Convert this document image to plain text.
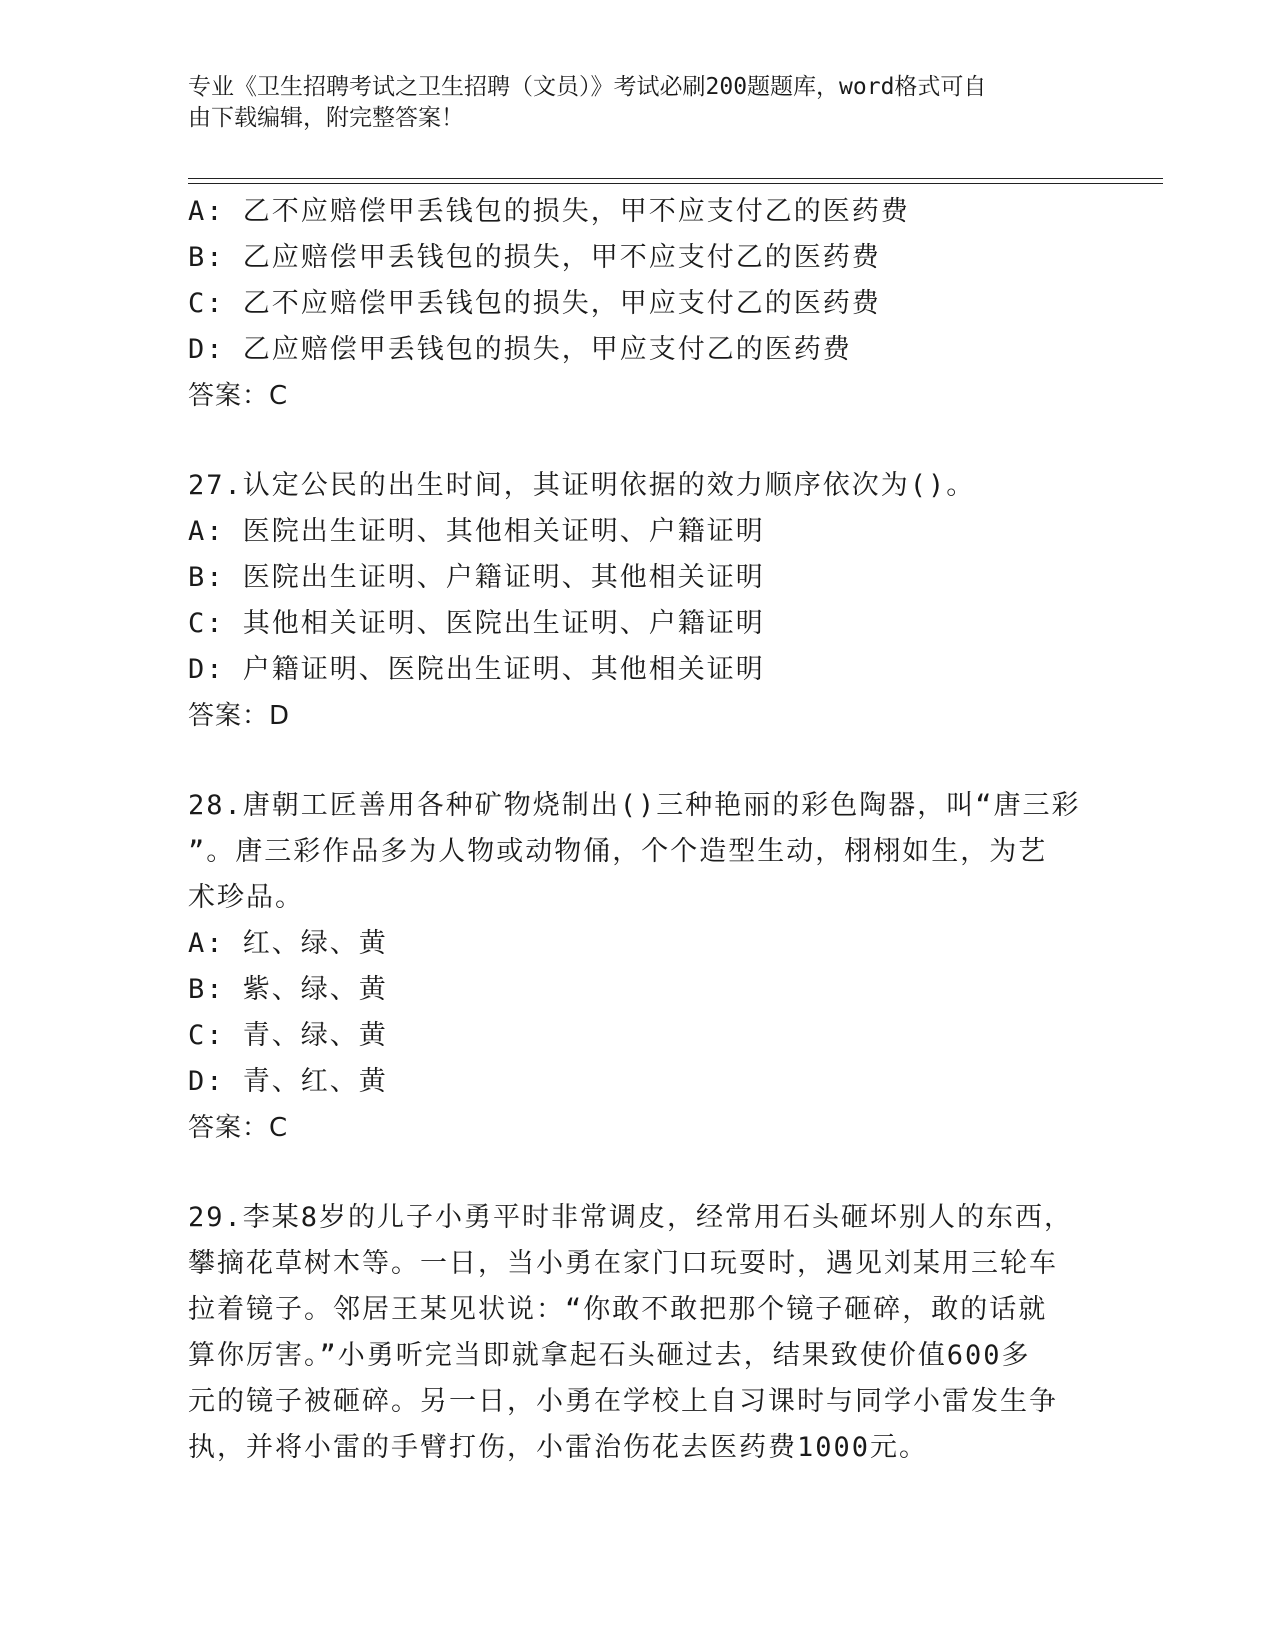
专业《卫生招聘考试之卫生招聘（文员）》考试必刷200题题库，word格式可自
由下载编辑，附完整答案！
A: 乙不应赔偿甲丢钱包的损失，甲不应支付乙的医药费
B: 乙应赔偿甲丢钱包的损失，甲不应支付乙的医药费
C: 乙不应赔偿甲丢钱包的损失，甲应支付乙的医药费
D: 乙应赔偿甲丢钱包的损失，甲应支付乙的医药费
答案：C
27.认定公民的出生时间，其证明依据的效力顺序依次为()。
A: 医院出生证明、其他相关证明、户籍证明
B: 医院出生证明、户籍证明、其他相关证明
C: 其他相关证明、医院出生证明、户籍证明
D: 户籍证明、医院出生证明、其他相关证明
答案：D
28.唐朝工匠善用各种矿物烧制出()三种艳丽的彩色陶器，叫“唐三彩
”。唐三彩作品多为人物或动物俑，个个造型生动，栩栩如生，为艺
术珍品。
A: 红、绿、黄
B: 紫、绿、黄
C: 青、绿、黄
D: 青、红、黄
答案：C
29.李某8岁的儿子小勇平时非常调皮，经常用石头砸坏别人的东西，
攀摘花草树木等。一日，当小勇在家门口玩耍时，遇见刘某用三轮车
拉着镜子。邻居王某见状说：“你敢不敢把那个镜子砸碎，敢的话就
算你厉害。”小勇听完当即就拿起石头砸过去，结果致使价值600多
元的镜子被砸碎。另一日，小勇在学校上自习课时与同学小雷发生争
执，并将小雷的手臂打伤，小雷治伤花去医药费1000元。
